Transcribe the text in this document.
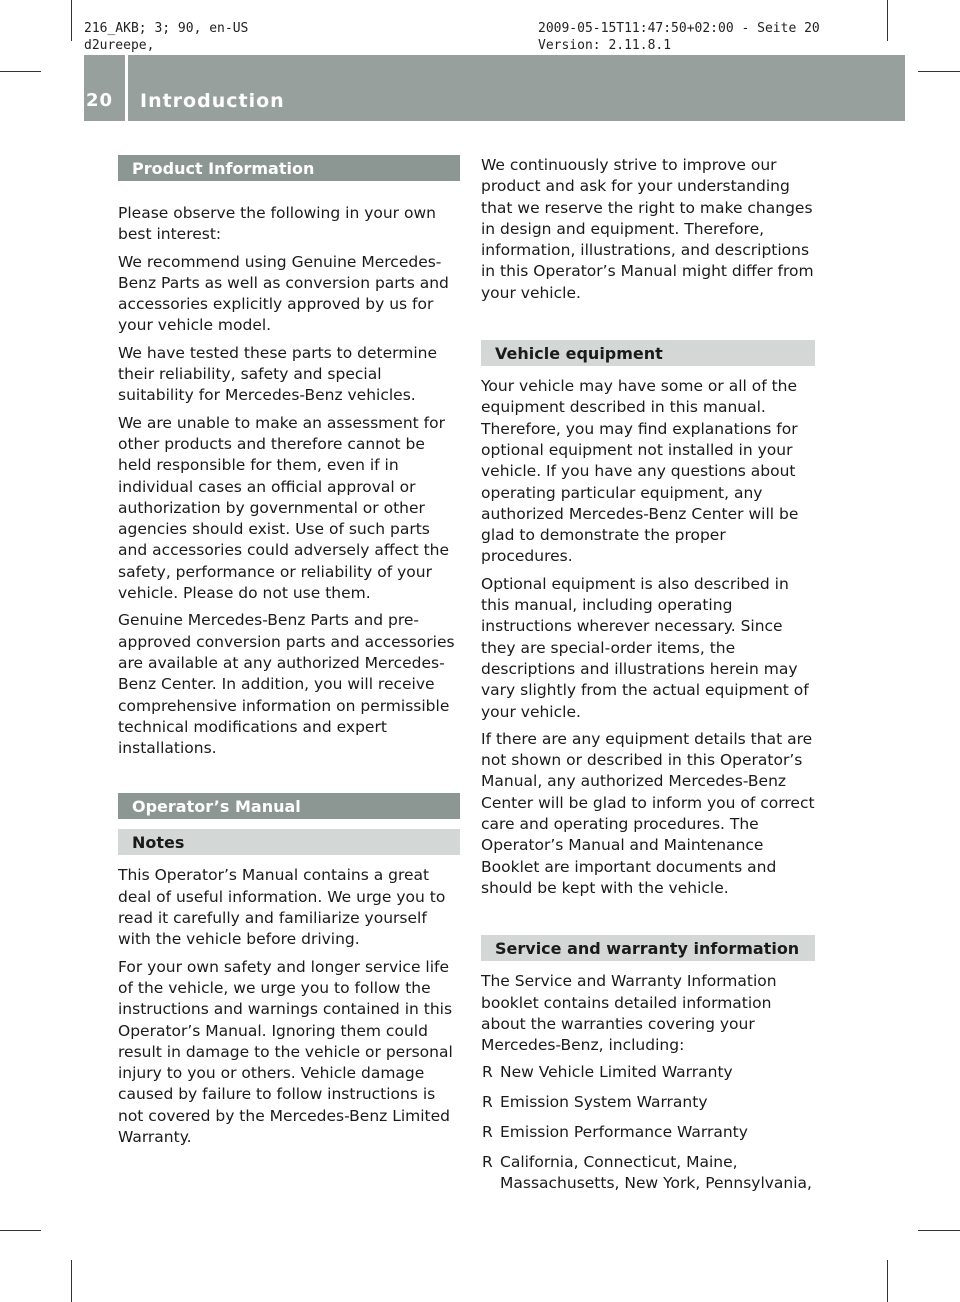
216_AKB; 3; 90, en-US
d2ureepe,
2009-05-15T11:47:50+02:00 - Seite 20
Version: 2.11.8.1
20 Introduction
Product Information

Please observe the following in your own best interest:

We recommend using Genuine Mercedes-Benz Parts as well as conversion parts and accessories explicitly approved by us for your vehicle model.

We have tested these parts to determine their reliability, safety and special suitability for Mercedes-Benz vehicles.

We are unable to make an assessment for other products and therefore cannot be held responsible for them, even if in individual cases an official approval or authorization by governmental or other agencies should exist. Use of such parts and accessories could adversely affect the safety, performance or reliability of your vehicle. Please do not use them.

Genuine Mercedes-Benz Parts and pre-approved conversion parts and accessories are available at any authorized Mercedes-Benz Center. In addition, you will receive comprehensive information on permissible technical modifications and expert installations.

Operator’s Manual
Notes

This Operator’s Manual contains a great deal of useful information. We urge you to read it carefully and familiarize yourself with the vehicle before driving.

For your own safety and longer service life of the vehicle, we urge you to follow the instructions and warnings contained in this Operator’s Manual. Ignoring them could result in damage to the vehicle or personal injury to you or others. Vehicle damage caused by failure to follow instructions is not covered by the Mercedes-Benz Limited Warranty.

We continuously strive to improve our product and ask for your understanding that we reserve the right to make changes in design and equipment. Therefore, information, illustrations, and descriptions in this Operator’s Manual might differ from your vehicle.

Vehicle equipment

Your vehicle may have some or all of the equipment described in this manual. Therefore, you may find explanations for optional equipment not installed in your vehicle. If you have any questions about operating particular equipment, any authorized Mercedes-Benz Center will be glad to demonstrate the proper procedures.

Optional equipment is also described in this manual, including operating instructions wherever necessary. Since they are special-order items, the descriptions and illustrations herein may vary slightly from the actual equipment of your vehicle.

If there are any equipment details that are not shown or described in this Operator’s Manual, any authorized Mercedes-Benz Center will be glad to inform you of correct care and operating procedures. The Operator’s Manual and Maintenance Booklet are important documents and should be kept with the vehicle.

Service and warranty information

The Service and Warranty Information booklet contains detailed information about the warranties covering your Mercedes-Benz, including:

R New Vehicle Limited Warranty
R Emission System Warranty
R Emission Performance Warranty
R California, Connecticut, Maine, Massachusetts, New York, Pennsylvania,
